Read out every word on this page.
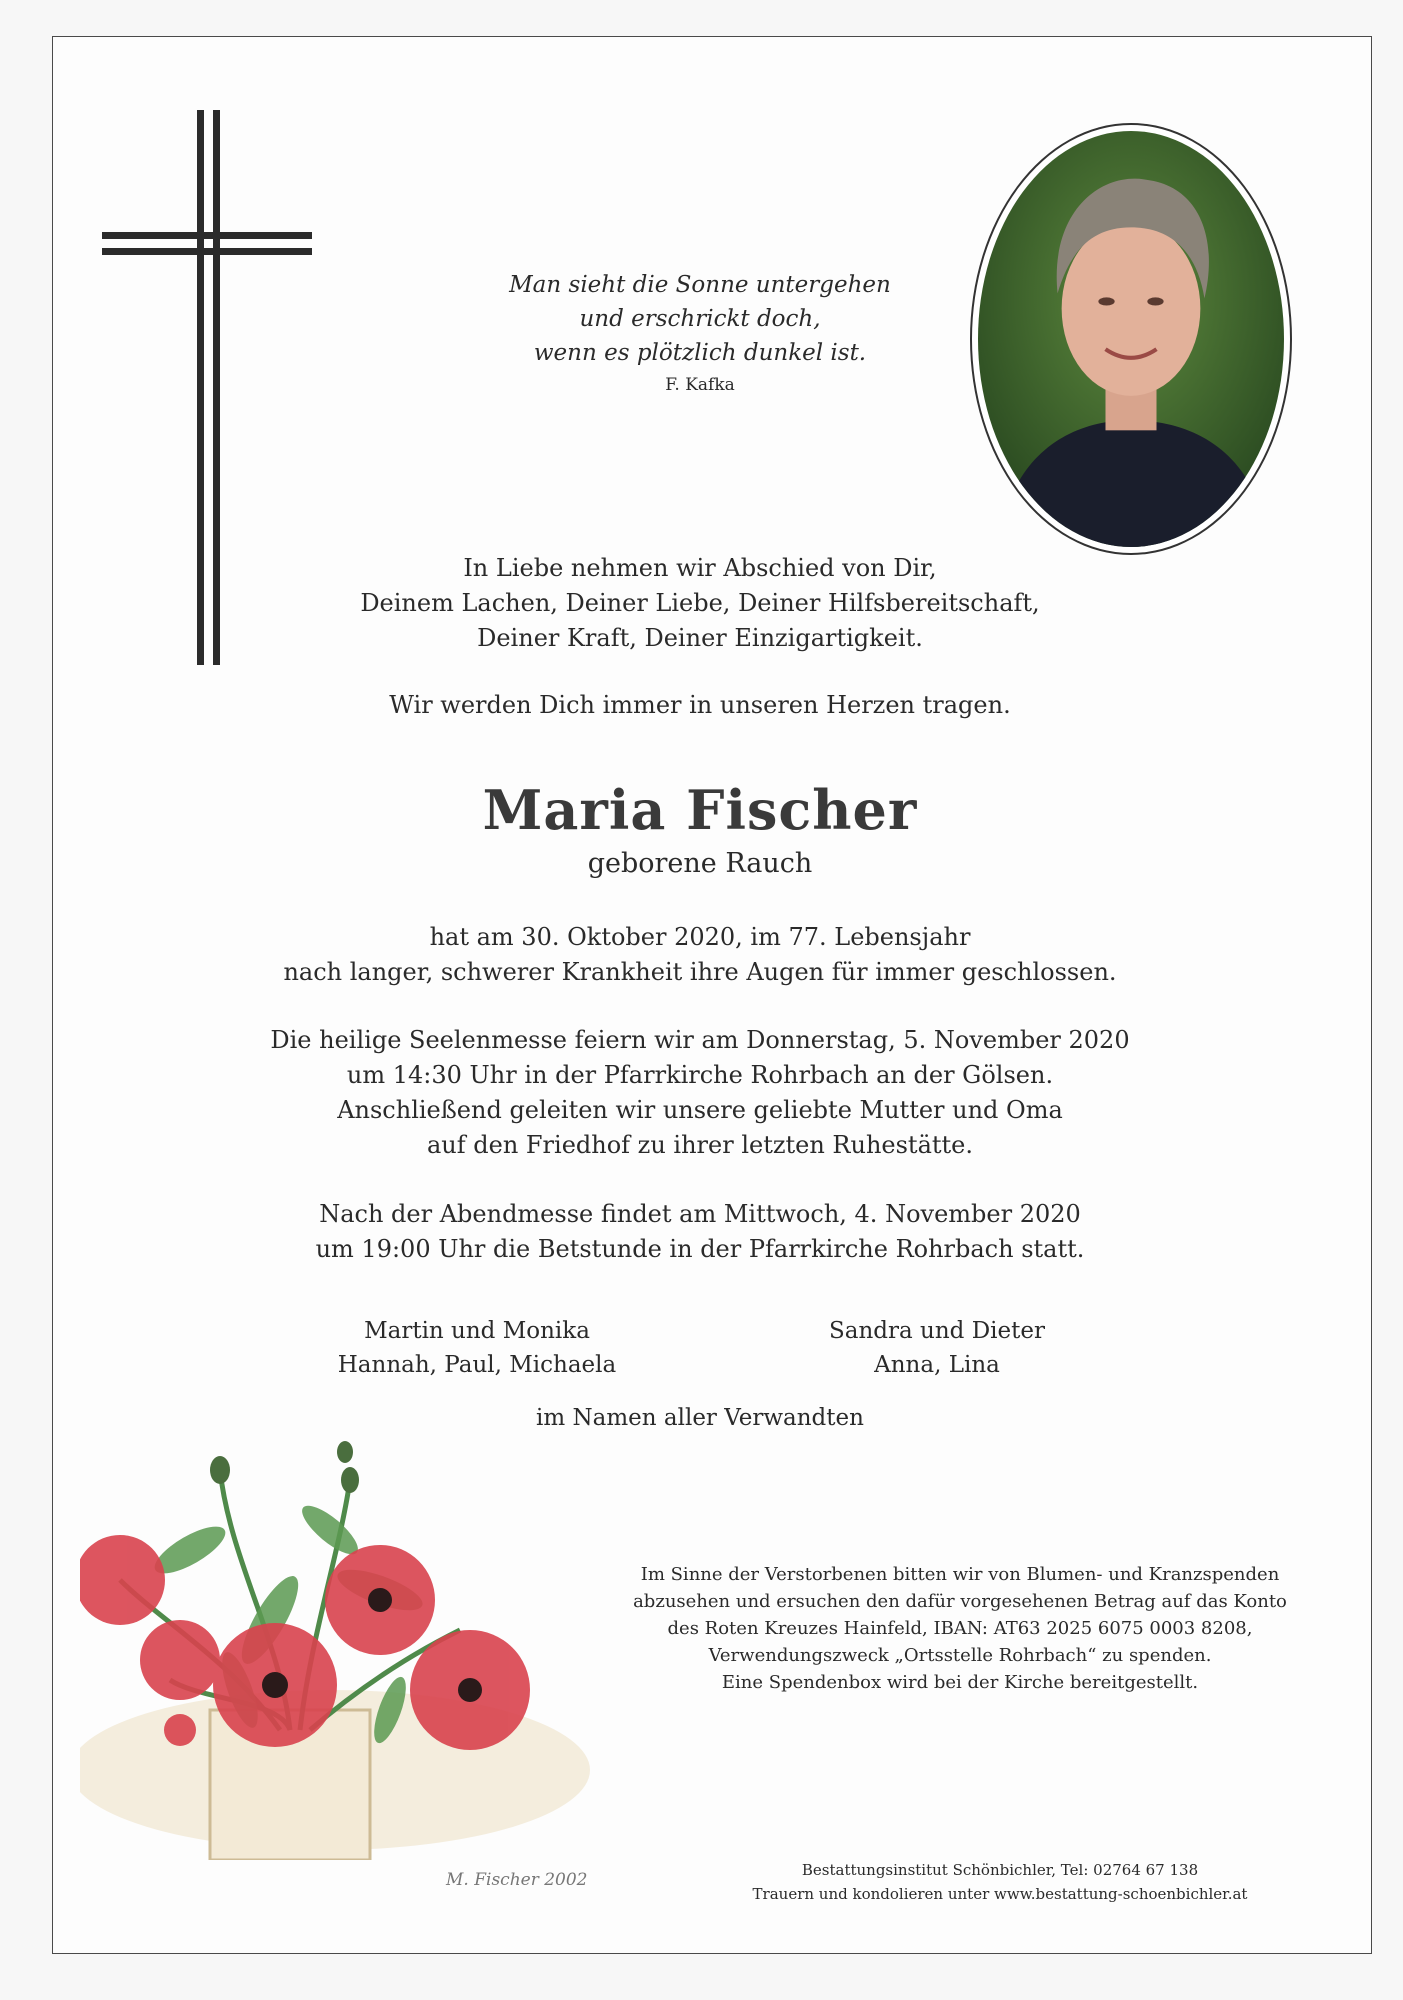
Man sieht die Sonne untergehen
und erschrickt doch,
wenn es plötzlich dunkel ist.
F. Kafka
In Liebe nehmen wir Abschied von Dir,
Deinem Lachen, Deiner Liebe, Deiner Hilfsbereitschaft,
Deiner Kraft, Deiner Einzigartigkeit.
Wir werden Dich immer in unseren Herzen tragen.
Maria Fischer
geborene Rauch
hat am 30. Oktober 2020, im 77. Lebensjahr
nach langer, schwerer Krankheit ihre Augen für immer geschlossen.
Die heilige Seelenmesse feiern wir am Donnerstag, 5. November 2020
um 14:30 Uhr in der Pfarrkirche Rohrbach an der Gölsen.
Anschließend geleiten wir unsere geliebte Mutter und Oma
auf den Friedhof zu ihrer letzten Ruhestätte.
Nach der Abendmesse findet am Mittwoch, 4. November 2020
um 19:00 Uhr die Betstunde in der Pfarrkirche Rohrbach statt.
Martin und Monika
Hannah, Paul, Michaela
Sandra und Dieter
Anna, Lina
im Namen aller Verwandten
M. Fischer 2002
Im Sinne der Verstorbenen bitten wir von Blumen- und Kranzspenden
abzusehen und ersuchen den dafür vorgesehenen Betrag auf das Konto
des Roten Kreuzes Hainfeld, IBAN: AT63 2025 6075 0003 8208,
Verwendungszweck „Ortsstelle Rohrbach“ zu spenden.
Eine Spendenbox wird bei der Kirche bereitgestellt.
Bestattungsinstitut Schönbichler, Tel: 02764 67 138
Trauern und kondolieren unter www.bestattung-schoenbichler.at
